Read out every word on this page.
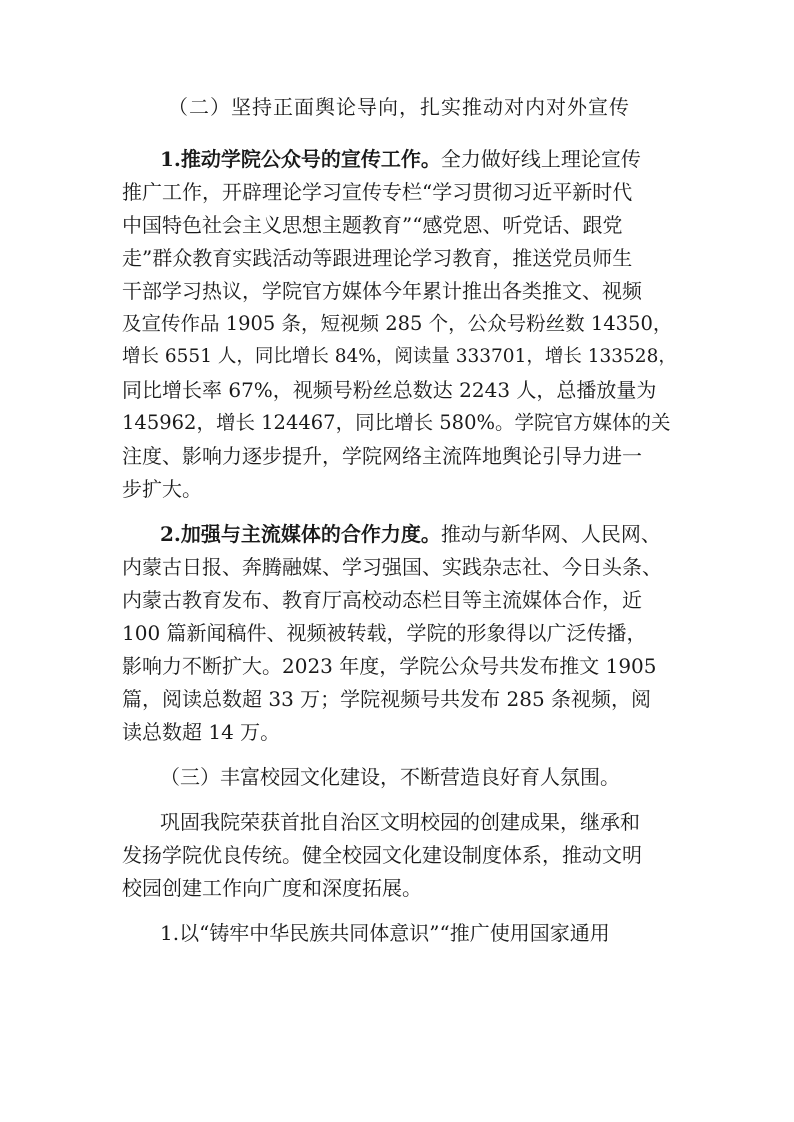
（二）坚持正面舆论导向，扎实推动对内对外宣传
1.推动学院公众号的宣传工作。全力做好线上理论宣传
推广工作，开辟理论学习宣传专栏“学习贯彻习近平新时代
中国特色社会主义思想主题教育”“感党恩、听党话、跟党
走”群众教育实践活动等跟进理论学习教育，推送党员师生
干部学习热议，学院官方媒体今年累计推出各类推文、视频
及宣传作品 1905 条，短视频 285 个，公众号粉丝数 14350，
增长 6551 人，同比增长 84%，阅读量 333701，增长 133528，
同比增长率 67%，视频号粉丝总数达 2243 人，总播放量为
145962，增长 124467，同比增长 580%。学院官方媒体的关
注度、影响力逐步提升，学院网络主流阵地舆论引导力进一
步扩大。
2.加强与主流媒体的合作力度。推动与新华网、人民网、
内蒙古日报、奔腾融媒、学习强国、实践杂志社、今日头条、
内蒙古教育发布、教育厅高校动态栏目等主流媒体合作，近
100 篇新闻稿件、视频被转载，学院的形象得以广泛传播，
影响力不断扩大。2023 年度，学院公众号共发布推文 1905
篇，阅读总数超 33 万；学院视频号共发布 285 条视频，阅
读总数超 14 万。
（三）丰富校园文化建设，不断营造良好育人氛围。
巩固我院荣获首批自治区文明校园的创建成果，继承和
发扬学院优良传统。健全校园文化建设制度体系，推动文明
校园创建工作向广度和深度拓展。
1.以“铸牢中华民族共同体意识”“推广使用国家通用
